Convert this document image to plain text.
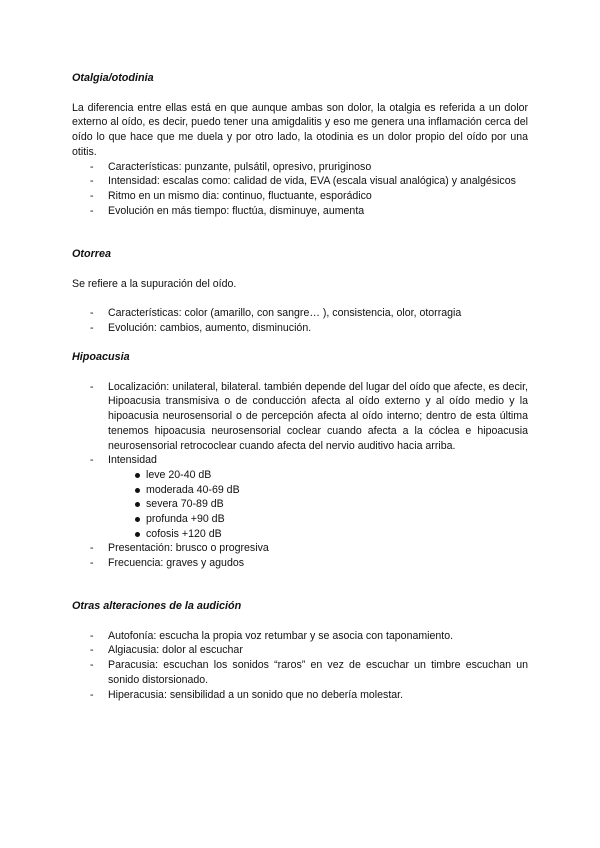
Otalgia/otodinia

La diferencia entre ellas está en que aunque ambas son dolor, la otalgia es referida a un dolor externo al oído, es decir, puedo tener una amigdalitis y eso me genera una inflamación cerca del oído lo que hace que me duela y por otro lado, la otodinia es un dolor propio del oído por una otitis.

- Características: punzante, pulsátil, opresivo, pruriginoso
- Intensidad: escalas como: calidad de vida, EVA (escala visual analógica) y analgésicos
- Ritmo en un mismo dia: continuo, fluctuante, esporádico
- Evolución en más tiempo: fluctúa, disminuye, aumenta
Otorrea

Se refiere a la supuración del oído.

- Características: color (amarillo, con sangre… ), consistencia, olor, otorragia
- Evolución: cambios, aumento, disminución.
Hipoacusia
- Localización: unilateral, bilateral. también depende del lugar del oído que afecte, es decir, Hipoacusia transmisiva o de conducción afecta al oído externo y al oído medio y la hipoacusia neurosensorial o de percepción afecta al oído interno; dentro de esta última tenemos hipoacusia neurosensorial coclear cuando afecta a la cóclea e hipoacusia neurosensorial retrococlear cuando afecta del nervio auditivo hacia arriba.
- Intensidad
leve 20-40 dB
moderada 40-69 dB
severa 70-89 dB
profunda +90 dB
cofosis +120 dB
- Presentación: brusco o progresiva
- Frecuencia: graves y agudos
Otras alteraciones de la audición
- Autofonía: escucha la propia voz retumbar y se asocia con taponamiento.
- Algiacusia: dolor al escuchar
- Paracusia: escuchan los sonidos “raros” en vez de escuchar un timbre escuchan un sonido distorsionado.
- Hiperacusia: sensibilidad a un sonido que no debería molestar.
